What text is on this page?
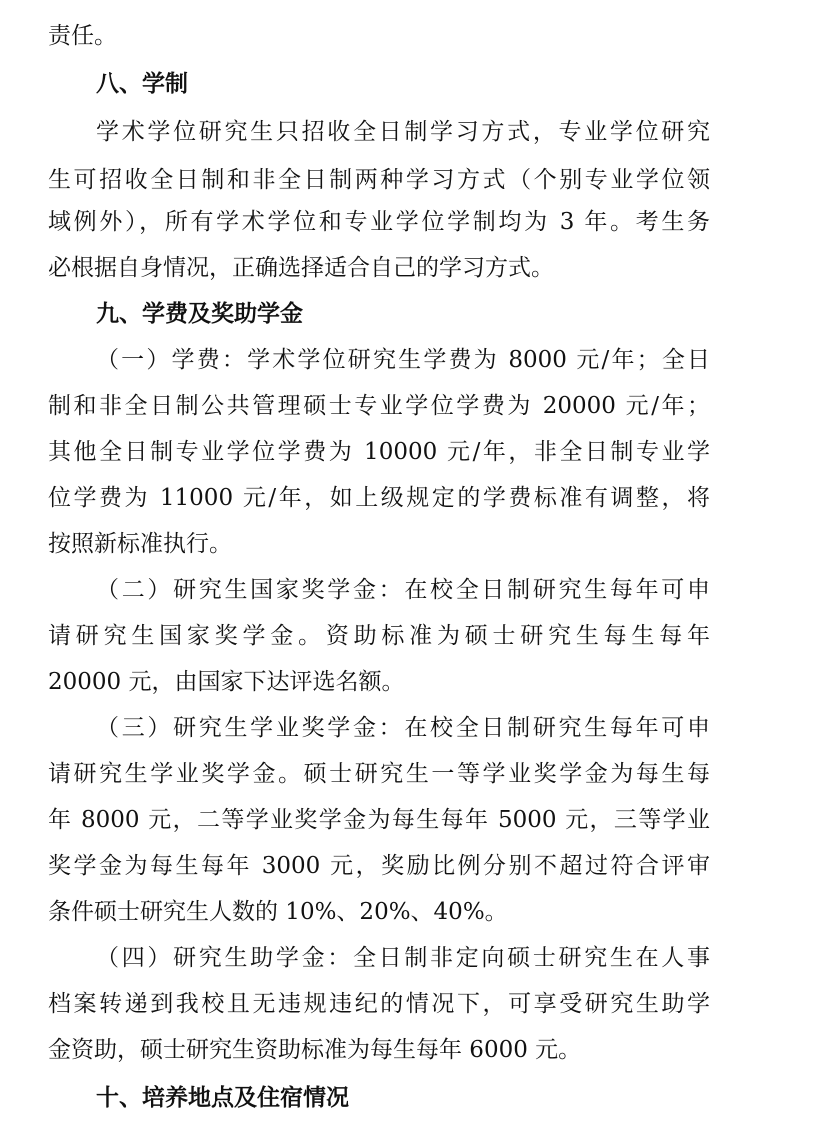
责任。
八、学制
学术学位研究生只招收全日制学习方式，专业学位研究
生可招收全日制和非全日制两种学习方式（个别专业学位领
域例外），所有学术学位和专业学位学制均为 3 年。考生务
必根据自身情况，正确选择适合自己的学习方式。
九、学费及奖助学金
（一）学费：学术学位研究生学费为 8000 元/年；全日
制和非全日制公共管理硕士专业学位学费为 20000 元/年；
其他全日制专业学位学费为 10000 元/年，非全日制专业学
位学费为 11000 元/年，如上级规定的学费标准有调整，将
按照新标准执行。
（二）研究生国家奖学金：在校全日制研究生每年可申
请研究生国家奖学金。资助标准为硕士研究生每生每年
20000 元，由国家下达评选名额。
（三）研究生学业奖学金：在校全日制研究生每年可申
请研究生学业奖学金。硕士研究生一等学业奖学金为每生每
年 8000 元，二等学业奖学金为每生每年 5000 元，三等学业
奖学金为每生每年 3000 元，奖励比例分别不超过符合评审
条件硕士研究生人数的 10%、20%、40%。
（四）研究生助学金：全日制非定向硕士研究生在人事
档案转递到我校且无违规违纪的情况下，可享受研究生助学
金资助，硕士研究生资助标准为每生每年 6000 元。
十、培养地点及住宿情况
